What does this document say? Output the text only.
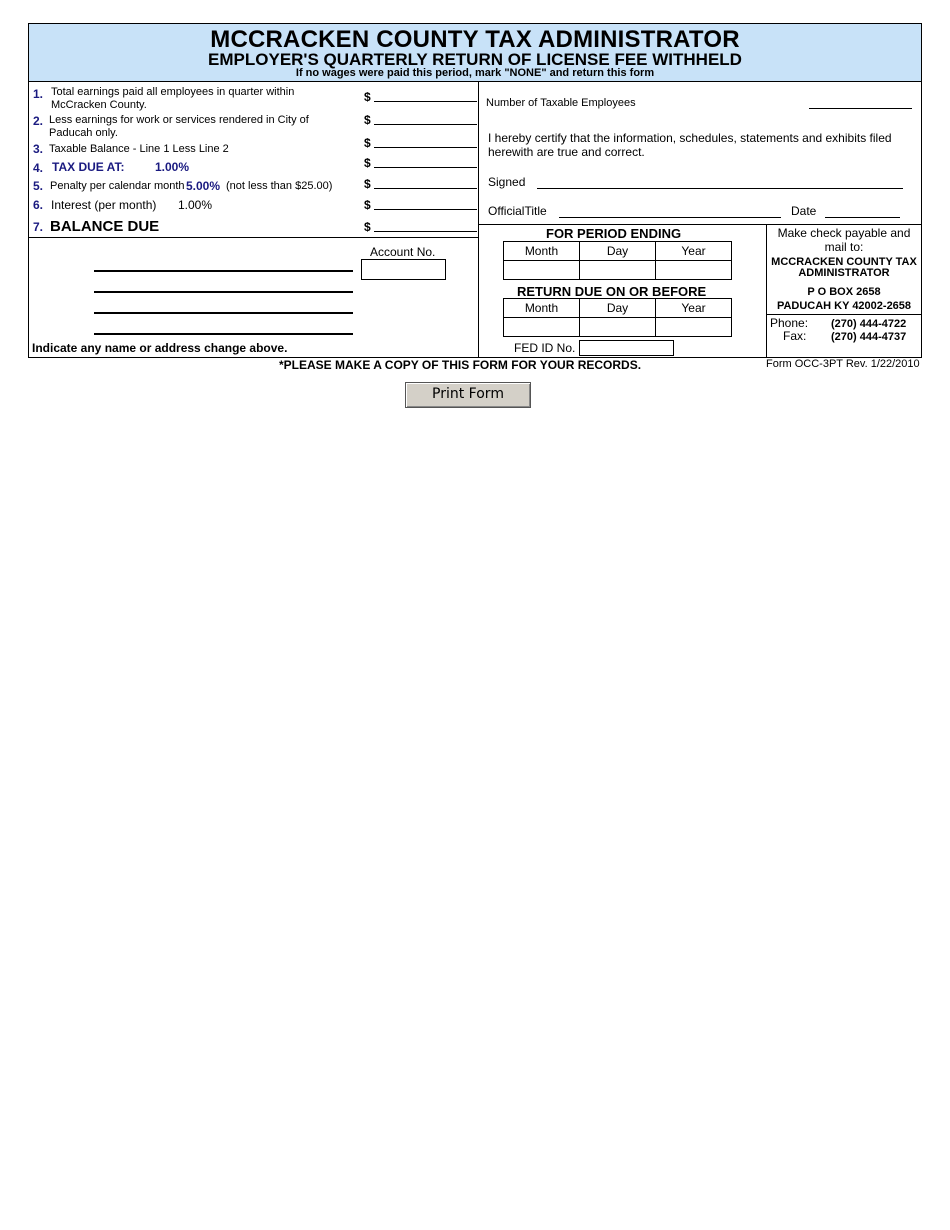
MCCRACKEN COUNTY TAX ADMINISTRATOR
EMPLOYER'S QUARTERLY RETURN OF LICENSE FEE WITHHELD
If no wages were paid this period, mark "NONE" and return this form
1. Total earnings paid all employees in quarter within
McCracken County.
$
2. Less earnings for work or services rendered in City of
Paducah only.
$
3. Taxable Balance - Line 1 Less Line 2	$
4. TAX DUE AT:	1.00%	$
5. Penalty per calendar month 5.00% (not less than $25.00)	$
6. Interest (per month) 1.00%	$
7. BALANCE DUE	$
Number of Taxable Employees
I hereby certify that the information, schedules, statements and exhibits filed herewith are true and correct.
Signed
OfficialTitle	Date
Account No.
Indicate any name or address change above.
FOR PERIOD ENDING
Month	Day	Year

RETURN DUE ON OR BEFORE
Month	Day	Year

FED ID No.
Make check payable and
mail to:
MCCRACKEN COUNTY TAX
ADMINISTRATOR
P O BOX 2658
PADUCAH KY 42002-2658
Phone: (270) 444-4722
Fax: (270) 444-4737
*PLEASE MAKE A COPY OF THIS FORM FOR YOUR RECORDS.	Form OCC-3PT Rev. 1/22/2010
Print Form
